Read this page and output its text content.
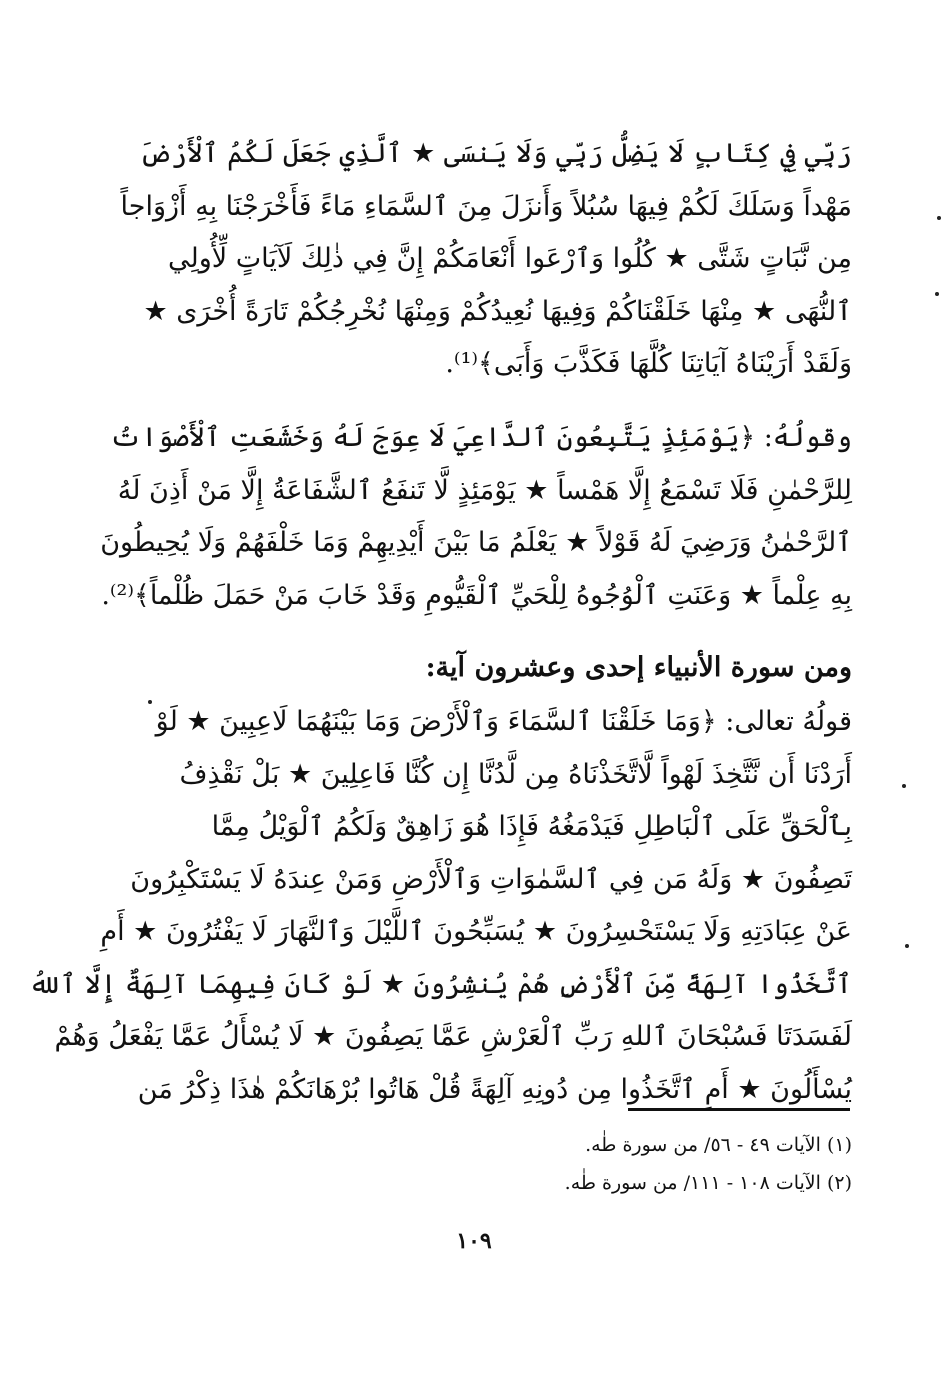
رَبِّي فِي كِتَابٍ لَا يَضِلُّ رَبِّي وَلَا يَنسَى ★ ٱلَّذِي جَعَلَ لَكُمُ ٱلْأَرْضَ
مَهْداً وَسَلَكَ لَكُمْ فِيهَا سُبُلاً وَأَنزَلَ مِنَ ٱلسَّمَاءِ مَاءً فَأَخْرَجْنَا بِهِ أَزْوَاجاً
مِن نَّبَاتٍ شَتَّى ★ كُلُوا وَٱرْعَوا أَنْعَامَكُمْ إِنَّ فِي ذٰلِكَ لَآيَاتٍ لِّأُولِي
ٱلنُّهَى ★ مِنْهَا خَلَقْنَاكُمْ وَفِيهَا نُعِيدُكُمْ وَمِنْهَا نُخْرِجُكُمْ تَارَةً أُخْرَى ★
وَلَقَدْ أَرَيْنَاهُ آيَاتِنَا كُلَّهَا فَكَذَّبَ وَأَبَى﴾⁽¹⁾.
وقولُهُ: ﴿يَوْمَئِذٍ يَتَّبِعُونَ ٱلدَّاعِيَ لَا عِوَجَ لَهُ وَخَشَعَتِ ٱلْأَصْوَاتُ
لِلرَّحْمٰنِ فَلَا تَسْمَعُ إِلَّا هَمْساً ★ يَوْمَئِذٍ لَّا تَنفَعُ ٱلشَّفَاعَةُ إِلَّا مَنْ أَذِنَ لَهُ
ٱلرَّحْمٰنُ وَرَضِيَ لَهُ قَوْلاً ★ يَعْلَمُ مَا بَيْنَ أَيْدِيهِمْ وَمَا خَلْفَهُمْ وَلَا يُحِيطُونَ
بِهِ عِلْماً ★ وَعَنَتِ ٱلْوُجُوهُ لِلْحَيِّ ٱلْقَيُّومِ وَقَدْ خَابَ مَنْ حَمَلَ ظُلْماً﴾⁽²⁾.
ومن سورة الأنبياء إحدى وعشرون آية:
قولُهُ تعالى: ﴿وَمَا خَلَقْنَا ٱلسَّمَاءَ وَٱلْأَرْضَ وَمَا بَيْنَهُمَا لَاعِبِينَ ★ لَوْ
أَرَدْنَا أَن نَّتَّخِذَ لَهْواً لَّاتَّخَذْنَاهُ مِن لَّدُنَّا إِن كُنَّا فَاعِلِينَ ★ بَلْ نَقْذِفُ
بِٱلْحَقِّ عَلَى ٱلْبَاطِلِ فَيَدْمَغُهُ فَإِذَا هُوَ زَاهِقٌ وَلَكُمُ ٱلْوَيْلُ مِمَّا
تَصِفُونَ ★ وَلَهُ مَن فِي ٱلسَّمٰوَاتِ وَٱلْأَرْضِ وَمَنْ عِندَهُ لَا يَسْتَكْبِرُونَ
عَنْ عِبَادَتِهِ وَلَا يَسْتَحْسِرُونَ ★ يُسَبِّحُونَ ٱللَّيْلَ وَٱلنَّهَارَ لَا يَفْتُرُونَ ★ أَمِ
ٱتَّخَذُوا آلِهَةً مِّنَ ٱلْأَرْضِ هُمْ يُنشِرُونَ ★ لَوْ كَانَ فِيهِمَا آلِهَةٌ إِلَّا ٱللهُ
لَفَسَدَتَا فَسُبْحَانَ ٱللهِ رَبِّ ٱلْعَرْشِ عَمَّا يَصِفُونَ ★ لَا يُسْأَلُ عَمَّا يَفْعَلُ وَهُمْ
يُسْأَلُونَ ★ أَمِ ٱتَّخَذُوا مِن دُونِهِ آلِهَةً قُلْ هَاتُوا بُرْهَانَكُمْ هٰذَا ذِكْرُ مَن
(١) الآيات ٤٩ - ٥٦/ من سورة طٰه.
(٢) الآيات ١٠٨ - ١١١/ من سورة طٰه.
١٠٩
